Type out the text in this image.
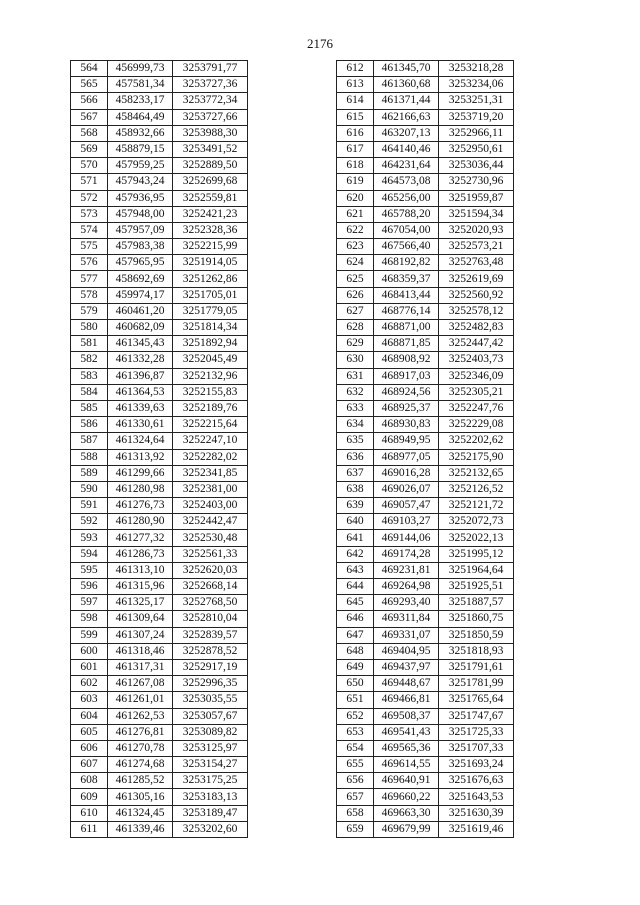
2176
564	456999,73	3253791,77
565	457581,34	3253727,36
566	458233,17	3253772,34
567	458464,49	3253727,66
568	458932,66	3253988,30
569	458879,15	3253491,52
570	457959,25	3252889,50
571	457943,24	3252699,68
572	457936,95	3252559,81
573	457948,00	3252421,23
574	457957,09	3252328,36
575	457983,38	3252215,99
576	457965,95	3251914,05
577	458692,69	3251262,86
578	459974,17	3251705,01
579	460461,20	3251779,05
580	460682,09	3251814,34
581	461345,43	3251892,94
582	461332,28	3252045,49
583	461396,87	3252132,96
584	461364,53	3252155,83
585	461339,63	3252189,76
586	461330,61	3252215,64
587	461324,64	3252247,10
588	461313,92	3252282,02
589	461299,66	3252341,85
590	461280,98	3252381,00
591	461276,73	3252403,00
592	461280,90	3252442,47
593	461277,32	3252530,48
594	461286,73	3252561,33
595	461313,10	3252620,03
596	461315,96	3252668,14
597	461325,17	3252768,50
598	461309,64	3252810,04
599	461307,24	3252839,57
600	461318,46	3252878,52
601	461317,31	3252917,19
602	461267,08	3252996,35
603	461261,01	3253035,55
604	461262,53	3253057,67
605	461276,81	3253089,82
606	461270,78	3253125,97
607	461274,68	3253154,27
608	461285,52	3253175,25
609	461305,16	3253183,13
610	461324,45	3253189,47
611	461339,46	3253202,60
612	461345,70	3253218,28
613	461360,68	3253234,06
614	461371,44	3253251,31
615	462166,63	3253719,20
616	463207,13	3252966,11
617	464140,46	3252950,61
618	464231,64	3253036,44
619	464573,08	3252730,96
620	465256,00	3251959,87
621	465788,20	3251594,34
622	467054,00	3252020,93
623	467566,40	3252573,21
624	468192,82	3252763,48
625	468359,37	3252619,69
626	468413,44	3252560,92
627	468776,14	3252578,12
628	468871,00	3252482,83
629	468871,85	3252447,42
630	468908,92	3252403,73
631	468917,03	3252346,09
632	468924,56	3252305,21
633	468925,37	3252247,76
634	468930,83	3252229,08
635	468949,95	3252202,62
636	468977,05	3252175,90
637	469016,28	3252132,65
638	469026,07	3252126,52
639	469057,47	3252121,72
640	469103,27	3252072,73
641	469144,06	3252022,13
642	469174,28	3251995,12
643	469231,81	3251964,64
644	469264,98	3251925,51
645	469293,40	3251887,57
646	469311,84	3251860,75
647	469331,07	3251850,59
648	469404,95	3251818,93
649	469437,97	3251791,61
650	469448,67	3251781,99
651	469466,81	3251765,64
652	469508,37	3251747,67
653	469541,43	3251725,33
654	469565,36	3251707,33
655	469614,55	3251693,24
656	469640,91	3251676,63
657	469660,22	3251643,53
658	469663,30	3251630,39
659	469679,99	3251619,46
